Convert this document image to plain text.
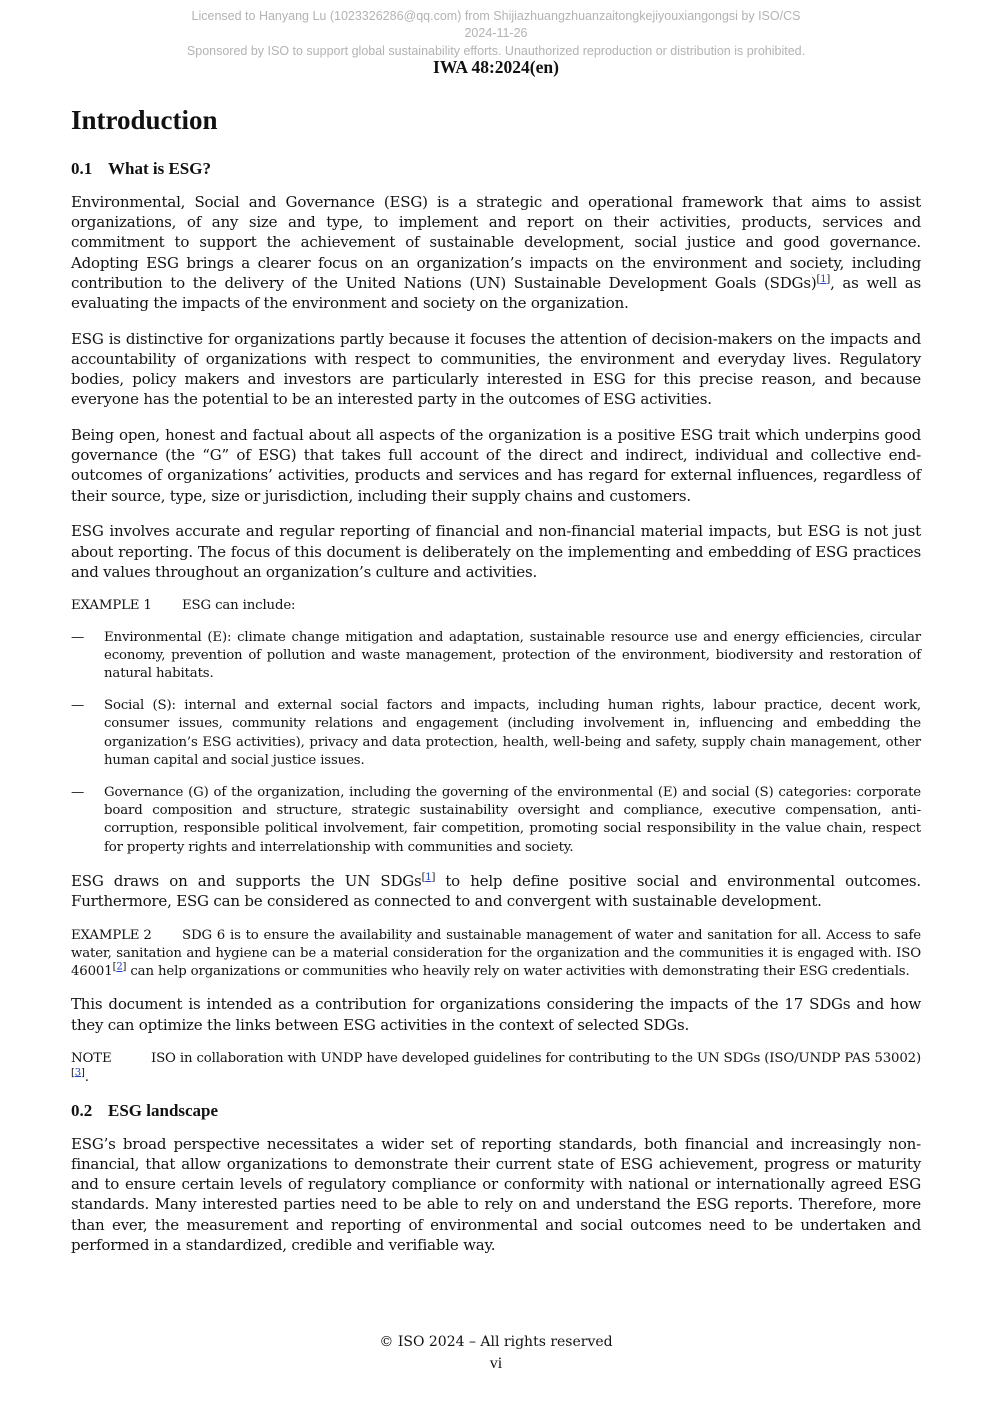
Licensed to Hanyang Lu (1023326286@qq.com) from Shijiazhuangzhuanzaitongkejiyouxiangongsi by ISO/CS
2024-11-26
Sponsored by ISO to support global sustainability efforts. Unauthorized reproduction or distribution is prohibited.
IWA 48:2024(en)
Introduction
0.1 What is ESG?

Environmental, Social and Governance (ESG) is a strategic and operational framework that aims to assist organizations, of any size and type, to implement and report on their activities, products, services and commitment to support the achievement of sustainable development, social justice and good governance. Adopting ESG brings a clearer focus on an organization’s impacts on the environment and society, including contribution to the delivery of the United Nations (UN) Sustainable Development Goals (SDGs)[1], as well as evaluating the impacts of the environment and society on the organization.

ESG is distinctive for organizations partly because it focuses the attention of decision-makers on the impacts and accountability of organizations with respect to communities, the environment and everyday lives. Regulatory bodies, policy makers and investors are particularly interested in ESG for this precise reason, and because everyone has the potential to be an interested party in the outcomes of ESG activities.

Being open, honest and factual about all aspects of the organization is a positive ESG trait which underpins good governance (the “G” of ESG) that takes full account of the direct and indirect, individual and collective end-outcomes of organizations’ activities, products and services and has regard for external influences, regardless of their source, type, size or jurisdiction, including their supply chains and customers.

ESG involves accurate and regular reporting of financial and non-financial material impacts, but ESG is not just about reporting. The focus of this document is deliberately on the implementing and embedding of ESG practices and values throughout an organization’s culture and activities.

EXAMPLE 1 ESG can include:

— Environmental (E): climate change mitigation and adaptation, sustainable resource use and energy efficiencies, circular economy, prevention of pollution and waste management, protection of the environment, biodiversity and restoration of natural habitats.
— Social (S): internal and external social factors and impacts, including human rights, labour practice, decent work, consumer issues, community relations and engagement (including involvement in, influencing and embedding the organization’s ESG activities), privacy and data protection, health, well-being and safety, supply chain management, other human capital and social justice issues.
— Governance (G) of the organization, including the governing of the environmental (E) and social (S) categories: corporate board composition and structure, strategic sustainability oversight and compliance, executive compensation, anti-corruption, responsible political involvement, fair competition, promoting social responsibility in the value chain, respect for property rights and interrelationship with communities and society.

ESG draws on and supports the UN SDGs[1] to help define positive social and environmental outcomes. Furthermore, ESG can be considered as connected to and convergent with sustainable development.

EXAMPLE 2 SDG 6 is to ensure the availability and sustainable management of water and sanitation for all. Access to safe water, sanitation and hygiene can be a material consideration for the organization and the communities it is engaged with. ISO 46001[2] can help organizations or communities who heavily rely on water activities with demonstrating their ESG credentials.

This document is intended as a contribution for organizations considering the impacts of the 17 SDGs and how they can optimize the links between ESG activities in the context of selected SDGs.

NOTE	ISO in collaboration with UNDP have developed guidelines for contributing to the UN SDGs (ISO/UNDP PAS 53002)[3].

0.2 ESG landscape

ESG’s broad perspective necessitates a wider set of reporting standards, both financial and increasingly non-financial, that allow organizations to demonstrate their current state of ESG achievement, progress or maturity and to ensure certain levels of regulatory compliance or conformity with national or internationally agreed ESG standards. Many interested parties need to be able to rely on and understand the ESG reports. Therefore, more than ever, the measurement and reporting of environmental and social outcomes need to be undertaken and performed in a standardized, credible and verifiable way.

© ISO 2024 – All rights reserved
vi
